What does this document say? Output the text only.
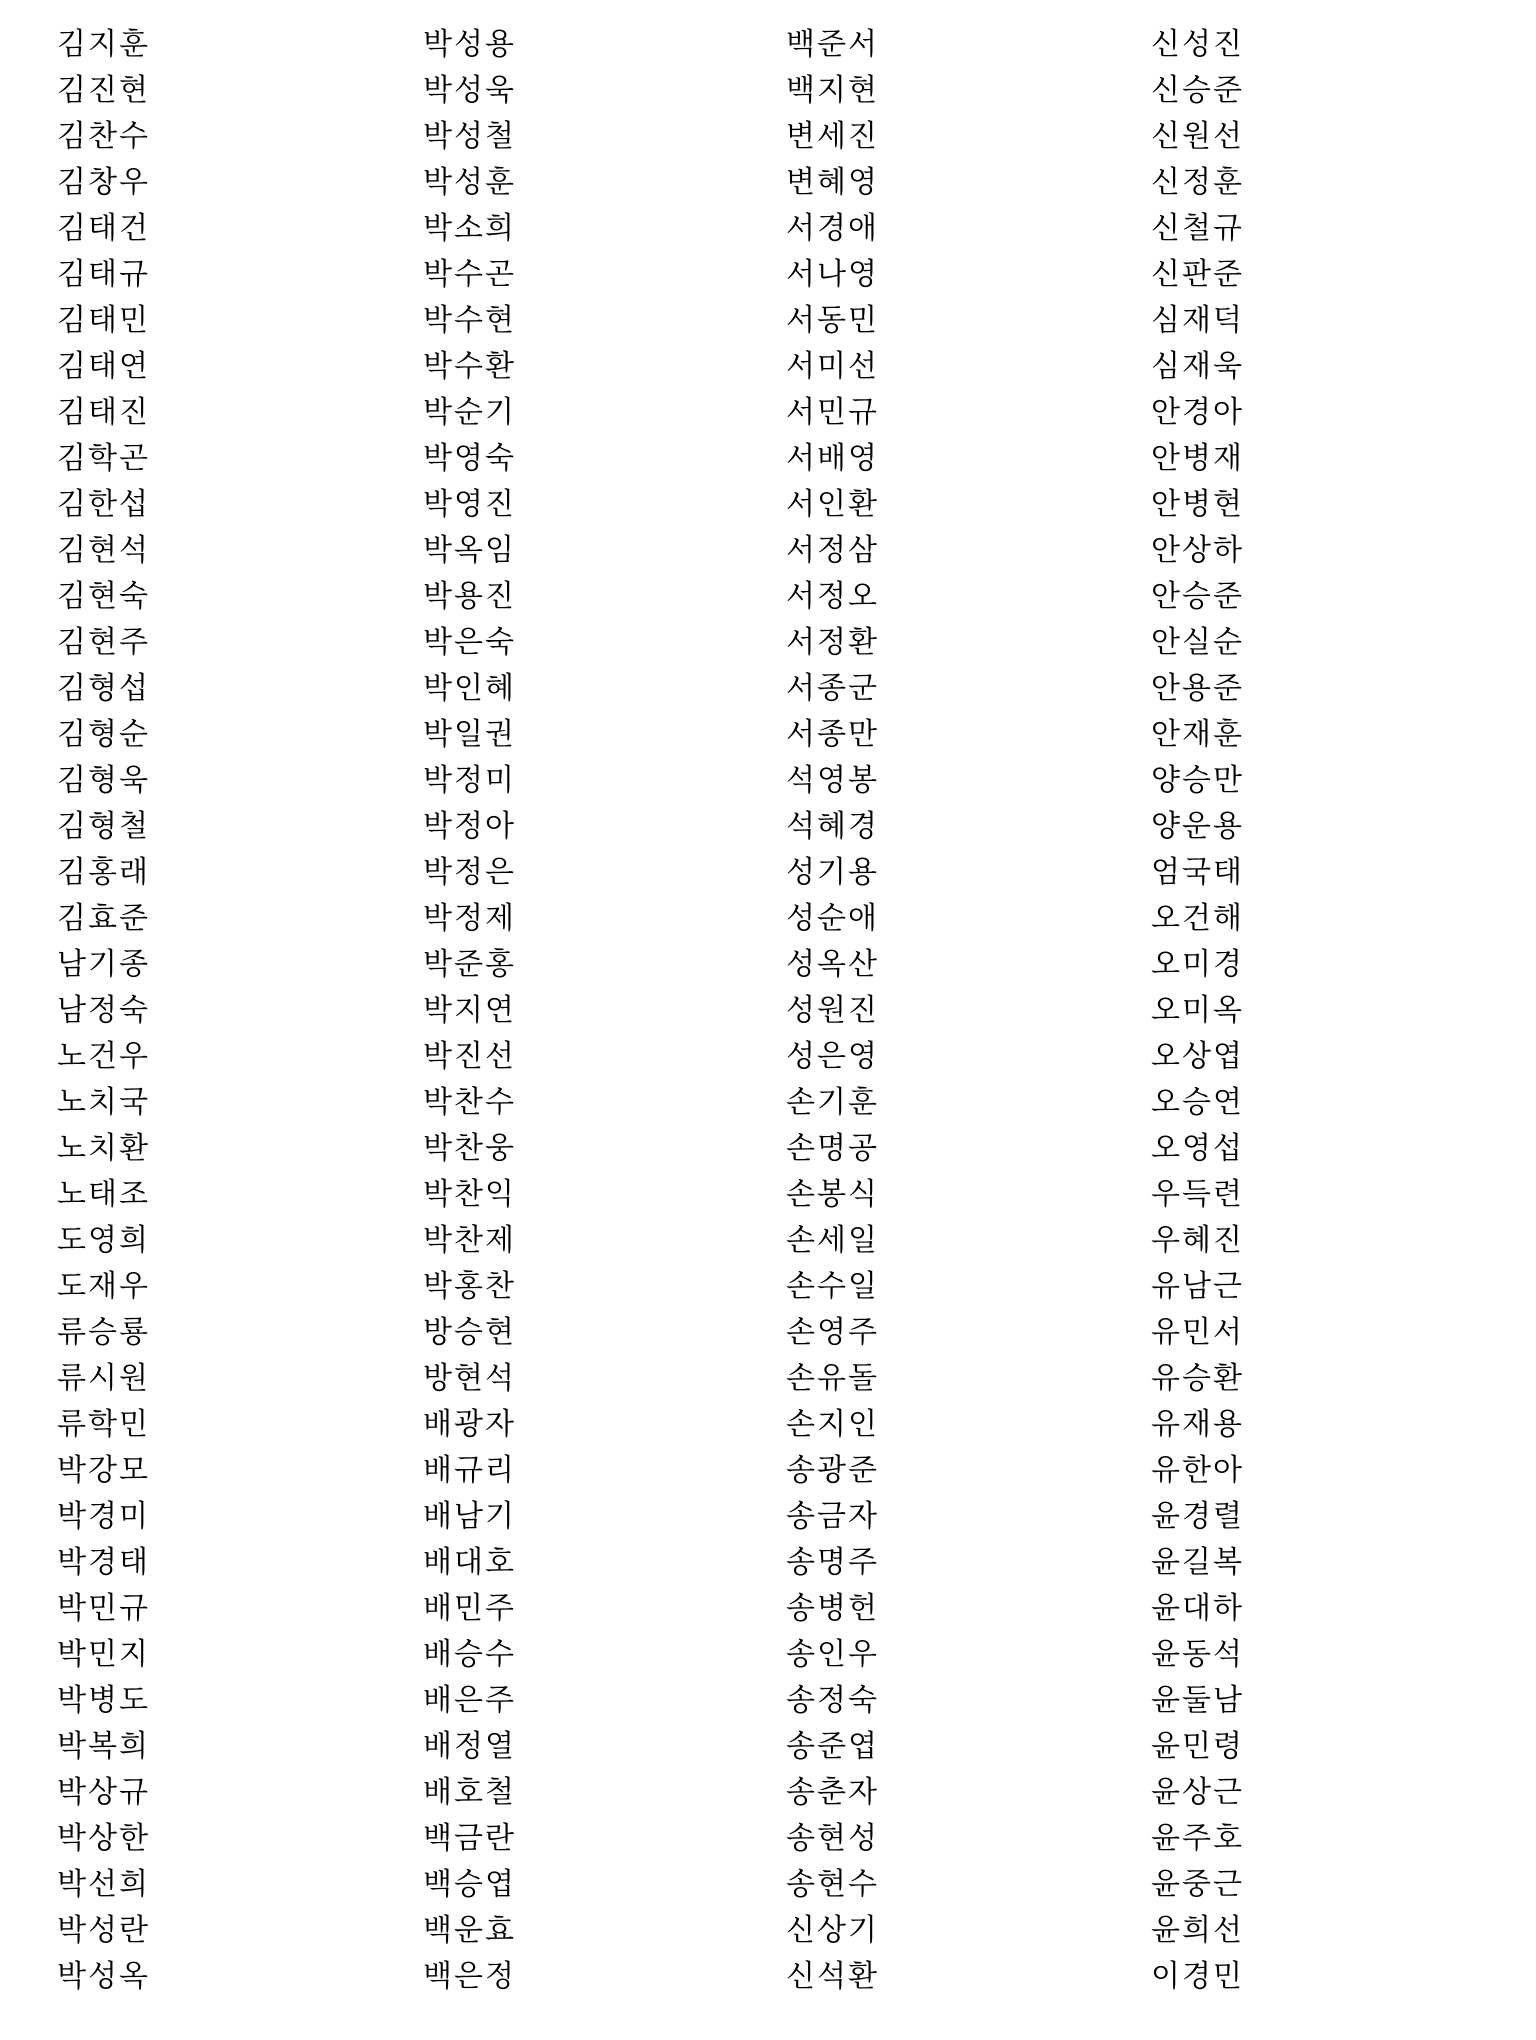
김지훈
김진현
김찬수
김창우
김태건
김태규
김태민
김태연
김태진
김학곤
김한섭
김현석
김현숙
김현주
김형섭
김형순
김형욱
김형철
김홍래
김효준
남기종
남정숙
노건우
노치국
노치환
노태조
도영희
도재우
류승룡
류시원
류학민
박강모
박경미
박경태
박민규
박민지
박병도
박복희
박상규
박상한
박선희
박성란
박성옥
박성용
박성욱
박성철
박성훈
박소희
박수곤
박수현
박수환
박순기
박영숙
박영진
박옥임
박용진
박은숙
박인혜
박일권
박정미
박정아
박정은
박정제
박준홍
박지연
박진선
박찬수
박찬웅
박찬익
박찬제
박홍찬
방승현
방현석
배광자
배규리
배남기
배대호
배민주
배승수
배은주
배정열
배호철
백금란
백승엽
백운효
백은정
백준서
백지현
변세진
변혜영
서경애
서나영
서동민
서미선
서민규
서배영
서인환
서정삼
서정오
서정환
서종군
서종만
석영봉
석혜경
성기용
성순애
성옥산
성원진
성은영
손기훈
손명공
손봉식
손세일
손수일
손영주
손유돌
손지인
송광준
송금자
송명주
송병헌
송인우
송정숙
송준엽
송춘자
송현성
송현수
신상기
신석환
신성진
신승준
신원선
신정훈
신철규
신판준
심재덕
심재욱
안경아
안병재
안병현
안상하
안승준
안실순
안용준
안재훈
양승만
양운용
엄국태
오건해
오미경
오미옥
오상엽
오승연
오영섭
우득련
우혜진
유남근
유민서
유승환
유재용
유한아
윤경렬
윤길복
윤대하
윤동석
윤둘남
윤민령
윤상근
윤주호
윤중근
윤희선
이경민
